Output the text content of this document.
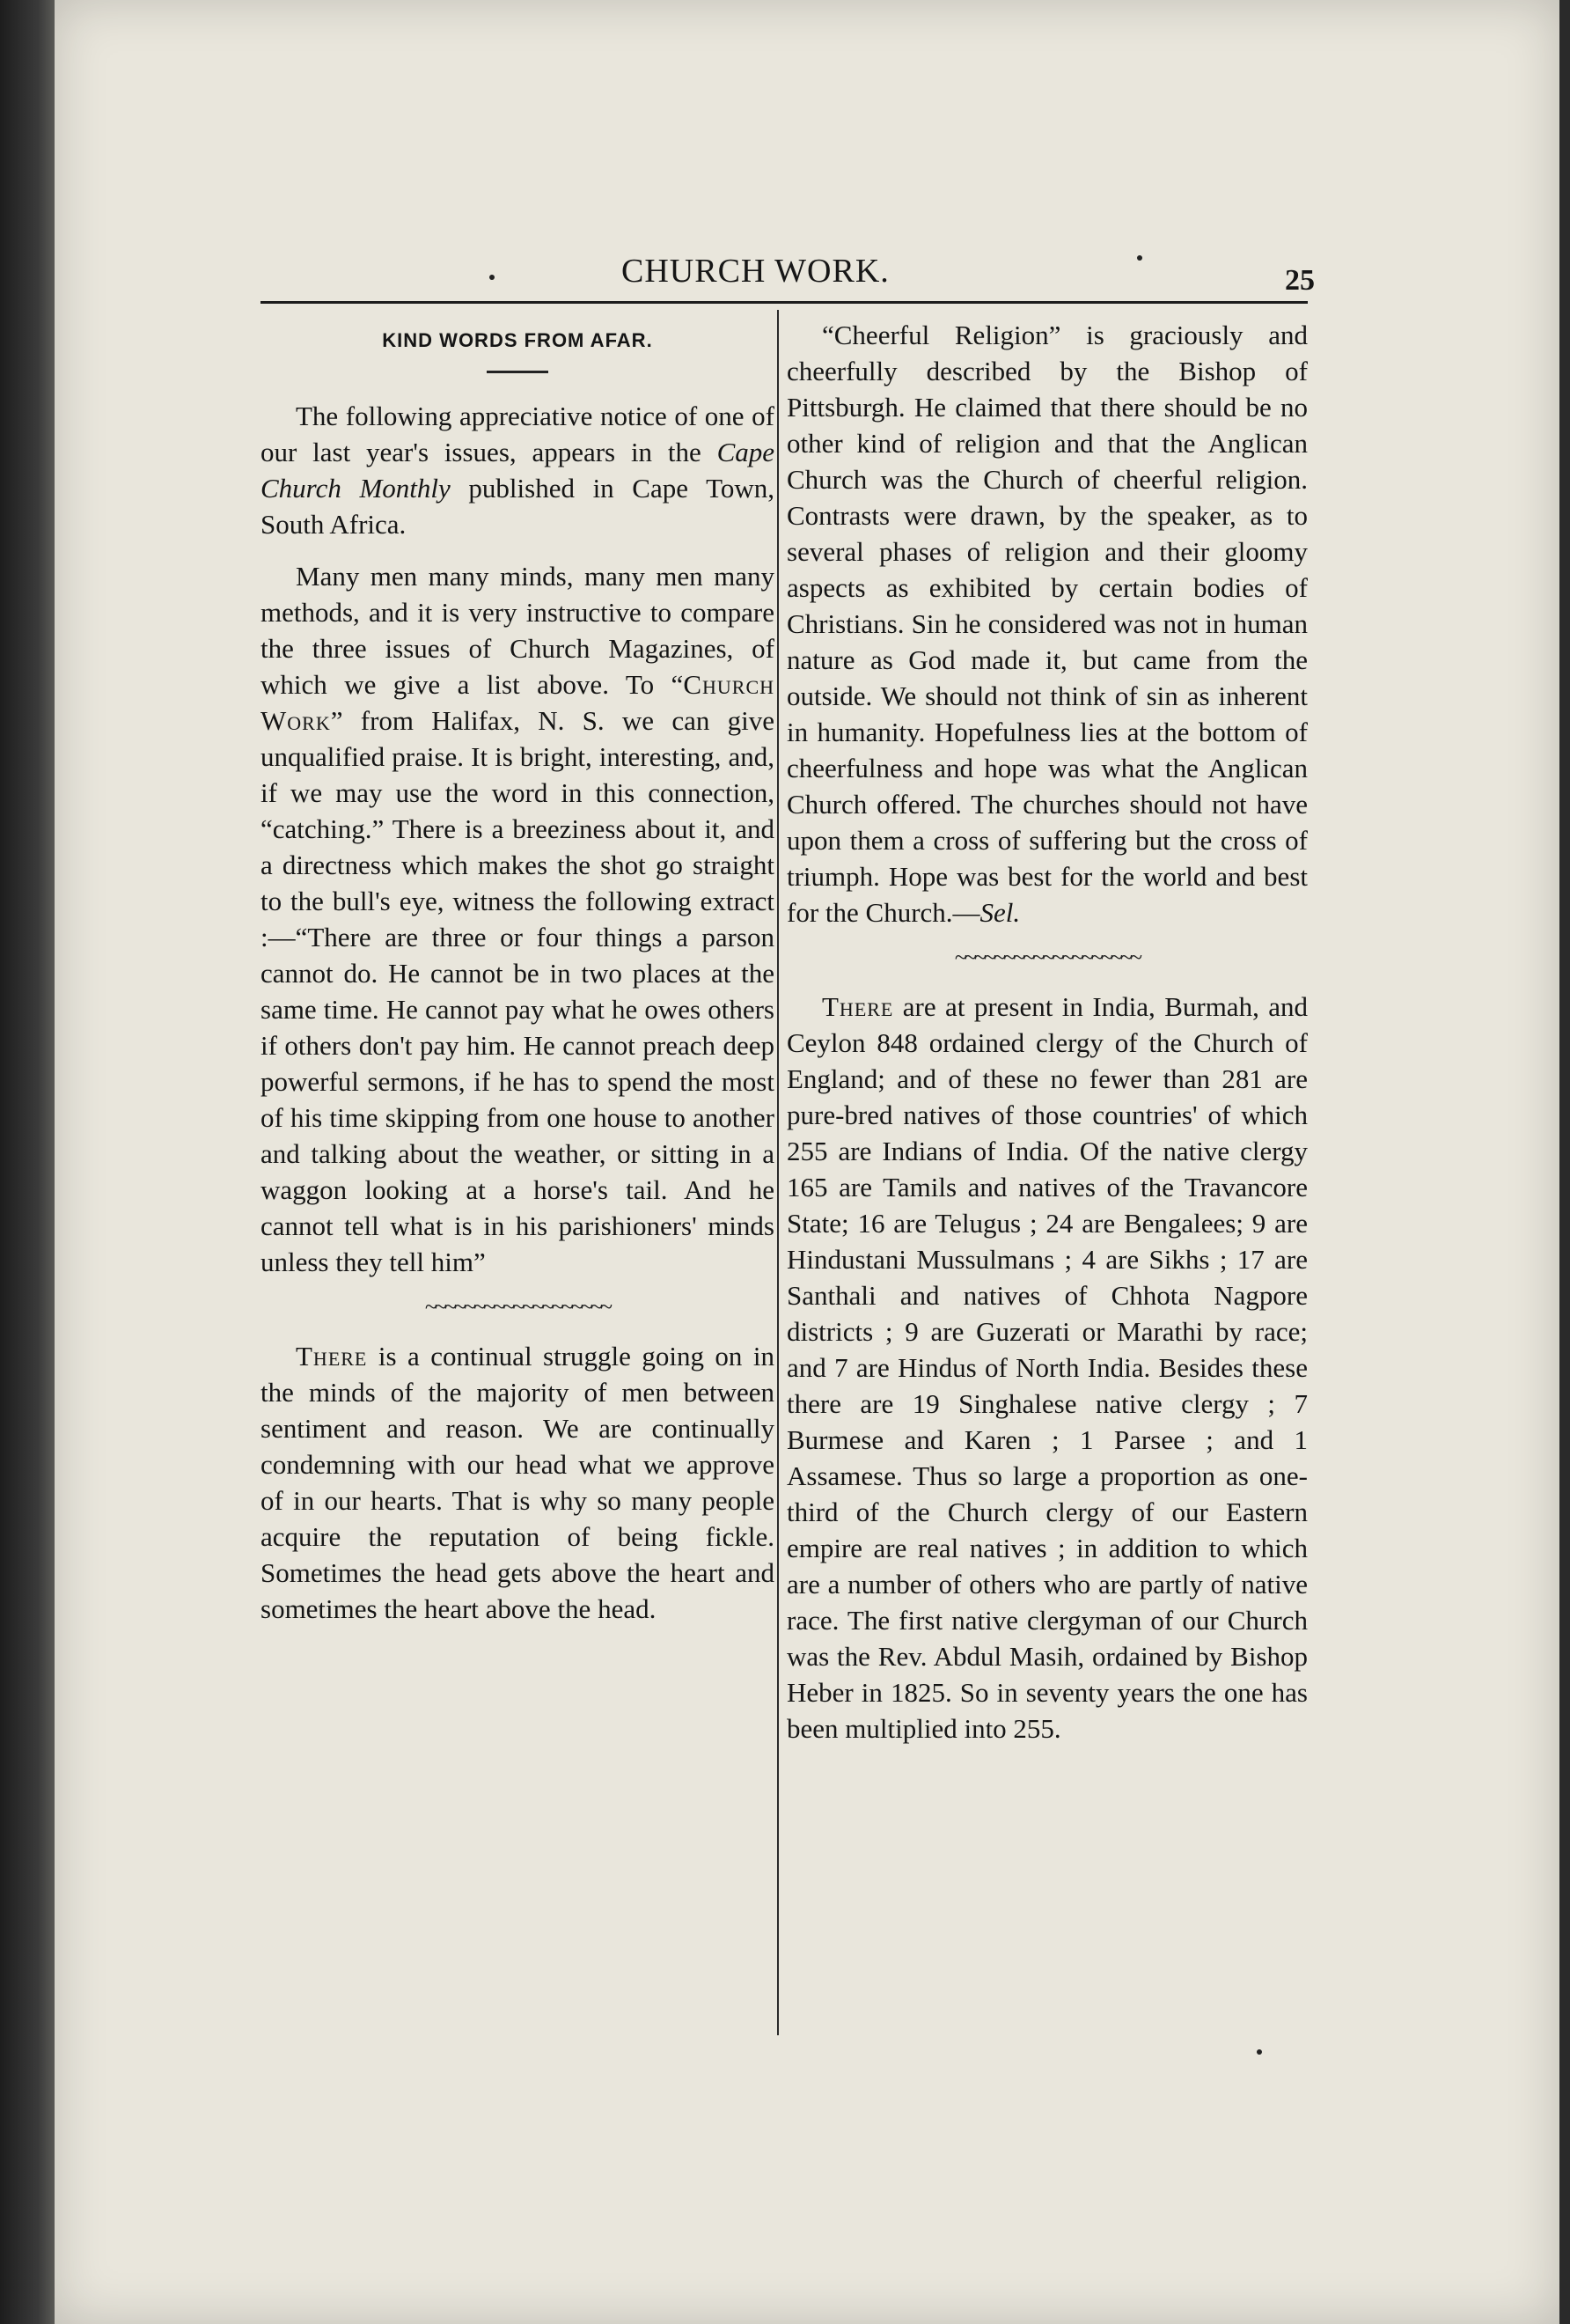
CHURCH WORK.	25
KIND WORDS FROM AFAR.

The following appreciative notice of one of our last year's issues, appears in the Cape Church Monthly published in Cape Town, South Africa.

Many men many minds, many men many methods, and it is very instructive to compare the three issues of Church Magazines, of which we give a list above. To “Church Work” from Halifax, N. S. we can give unqualified praise. It is bright, interesting, and, if we may use the word in this connection, “catching.” There is a breeziness about it, and a directness which makes the shot go straight to the bull's eye, witness the following extract :—“There are three or four things a parson cannot do. He cannot be in two places at the same time. He cannot pay what he owes others if others don't pay him. He cannot preach deep powerful sermons, if he has to spend the most of his time skipping from one house to another and talking about the weather, or sitting in a waggon looking at a horse's tail. And he cannot tell what is in his parishioners' minds unless they tell him”

~~~~~~~~~~~~~~~~~~~

There is a continual struggle going on in the minds of the majority of men between sentiment and reason. We are continually condemning with our head what we approve of in our hearts. That is why so many people acquire the reputation of being fickle. Sometimes the head gets above the heart and sometimes the heart above the head.

“Cheerful Religion” is graciously and cheerfully described by the Bishop of Pittsburgh. He claimed that there should be no other kind of religion and that the Anglican Church was the Church of cheerful religion. Contrasts were drawn, by the speaker, as to several phases of religion and their gloomy aspects as exhibited by certain bodies of Christians. Sin he considered was not in human nature as God made it, but came from the outside. We should not think of sin as inherent in humanity. Hopefulness lies at the bottom of cheerfulness and hope was what the Anglican Church offered. The churches should not have upon them a cross of suffering but the cross of triumph. Hope was best for the world and best for the Church.—Sel.

~~~~~~~~~~~~~~~~~~~

There are at present in India, Burmah, and Ceylon 848 ordained clergy of the Church of England; and of these no fewer than 281 are pure-bred natives of those countries' of which 255 are Indians of India. Of the native clergy 165 are Tamils and natives of the Travancore State; 16 are Telugus ; 24 are Bengalees; 9 are Hindustani Mussulmans ; 4 are Sikhs ; 17 are Santhali and natives of Chhota Nagpore districts ; 9 are Guzerati or Marathi by race; and 7 are Hindus of North India. Besides these there are 19 Singhalese native clergy ; 7 Burmese and Karen ; 1 Parsee ; and 1 Assamese. Thus so large a proportion as one-third of the Church clergy of our Eastern empire are real natives ; in addition to which are a number of others who are partly of native race. The first native clergyman of our Church was the Rev. Abdul Masih, ordained by Bishop Heber in 1825. So in seventy years the one has been multiplied into 255.
